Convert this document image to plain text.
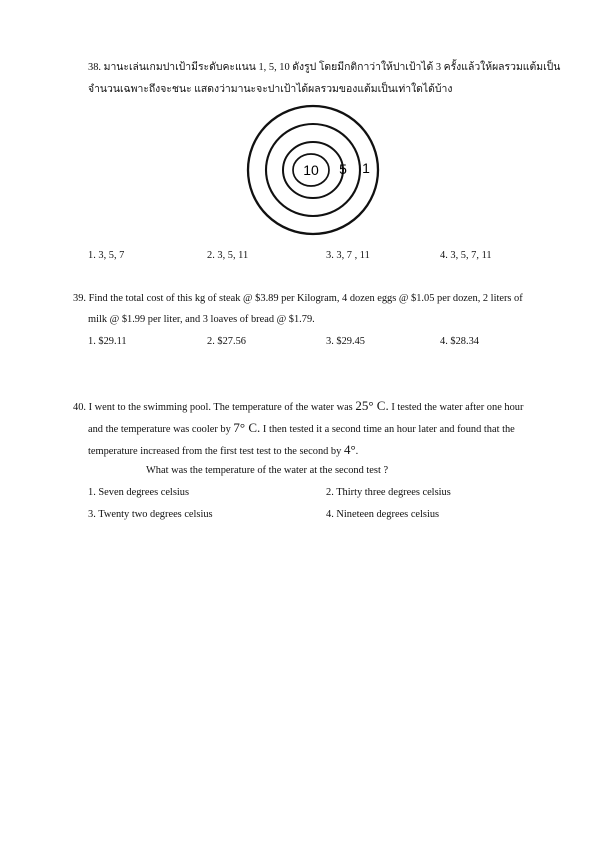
38. มานะเล่นเกมปาเป้ามีระดับคะแนน 1, 5, 10 ดังรูป โดยมีกติกาว่าให้ปาเป้าได้ 3 ครั้งแล้วให้ผลรวมแต้มเป็น
จำนวนเฉพาะถึงจะชนะ แสดงว่ามานะจะปาเป้าได้ผลรวมของแต้มเป็นเท่าใดได้บ้าง
10 5 1
1. 3, 5, 7	2. 3, 5, 11	3. 3, 7 , 11	4. 3, 5, 7, 11
39. Find the total cost of this kg of steak @ $3.89 per Kilogram, 4 dozen eggs @ $1.05 per dozen, 2 liters of
milk @ $1.99 per liter, and 3 loaves of bread @ $1.79.
1. $29.11	2. $27.56	3. $29.45	4. $28.34
40. I went to the swimming pool. The temperature of the water was 25° C. I tested the water after one hour
and the temperature was cooler by 7° C. I then tested it a second time an hour later and found that the
temperature increased from the first test test to the second by 4°.
What was the temperature of the water at the second test ?
1. Seven degrees celsius	2. Thirty three degrees celsius
3. Twenty two degrees celsius	4. Nineteen degrees celsius
